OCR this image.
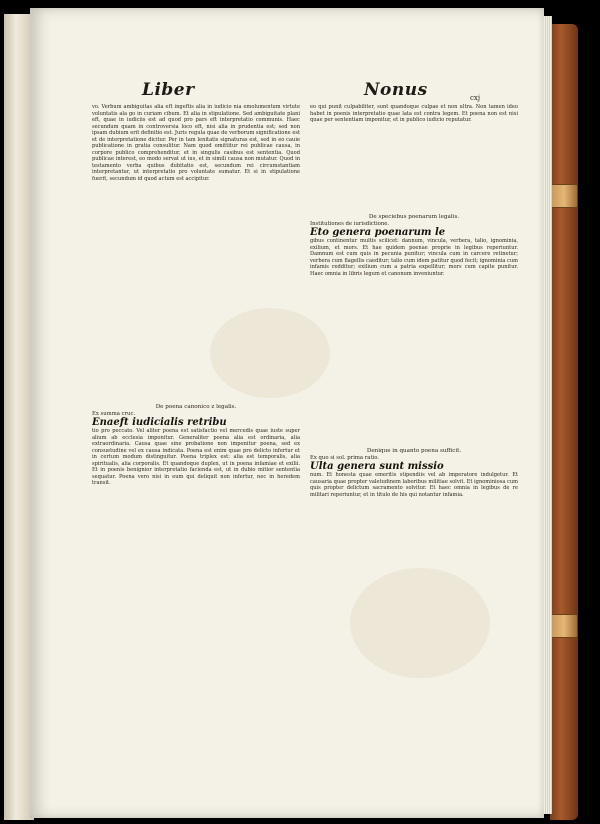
Liber	Nonus	cxj

vo. Verbum ambiguitas alia eft ingeftis alia in iudicio nia emolumentum virtute voluntatis ala go in curiam cibum. Et alia in stipulatione. Sed ambiguitate plani eft, quae in iudiciis est ad quod pro pars eft interpretatio communis. Haec secundum quam in controversia loco eft, nisi alia in prudentia est; sed non ipsam dubium erit definitio est. Juris regula quae de verborum significatione est et de interpretatione dicitur. Per in tam lenitatis signaturas est, sed in eo cauie publicatione in gratia consulitur. Nam quod omittitur rei publicae causa, in corpore publico comprehenditur, et in singulis casibus est sententia. Quod publicae interest, eo modo servat ut ius, et in simili causa non mutatur. Quod in testamento verba quibus dubitatio est, secundum rei circumstantiam interpretantur, ut interpretatio pro voluntate sumatur. Et si in stipulatione fuerit, secundum id quod actum est accipitur.

De poena canonico z legalis.

Ex summa cruc.

Enaeft iudicialis retribu

tio pro peccato. Vel aliter poena est satisfactio vel mercedis quae iuste super alium ab ecclesia imponitur. Generaliter poena alia est ordinaria, alia extraordinaria. Causa quae sine probatione non imponitur poena, sed ex consuetudine vel ex causa indicata. Poena est enim quae pro delicto infertur et in certum modum distinguitur. Poena triplex est: alia est temporalis, alia spiritualis, alia corporalis. Et quandoque duplex, ut in poena infamiae et exilii. Et in poenis benignior interpretatio facienda est, ut in dubio mitior sententia sequatur. Poena vero nisi in eum qui deliquit non infertur, nec in heredem transit.

eo qui punit culpabiliter, sunt quandoque culpae et non ultra. Non tamen ideo habet in poenis interpretatio quae lata est contra legem. Et poena non est nisi quae per sententiam imponitur, et in publico iudicio reputatur.

De speciebus poenarum legalis.

Institutiones de iurisdictione.

Eto genera poenarum le

gibus continentur multis scilicet: dannum, vincula, verbera, talio, ignominia, exilium, et mors. Et hae quidem poenae proprie in legibus reperiuntur. Damnum est cum quis in pecunia punitur; vincula cum in carcere retinetur; verbera cum flagellis caeditur; talio cum idem patitur quod fecit; ignominia cum infamis redditur; exilium cum a patria expellitur; mors cum capite punitur. Haec omnia in libris legum et canonum inveniuntur.

Denique in quanto poena sufficit.

Ex quo si sol. prima ratio.

Ulta genera sunt missio

num. Et honesta quae emeritis stipendiis vel ab imperatore indulgetur. Et causaria quae propter valetudinem laboribus militiae solvit. Et ignominiosa cum quis propter delictum sacramento solvitur. Et haec omnia in legibus de re militari reperiuntur, et in titulo de his qui notantur infamia.
